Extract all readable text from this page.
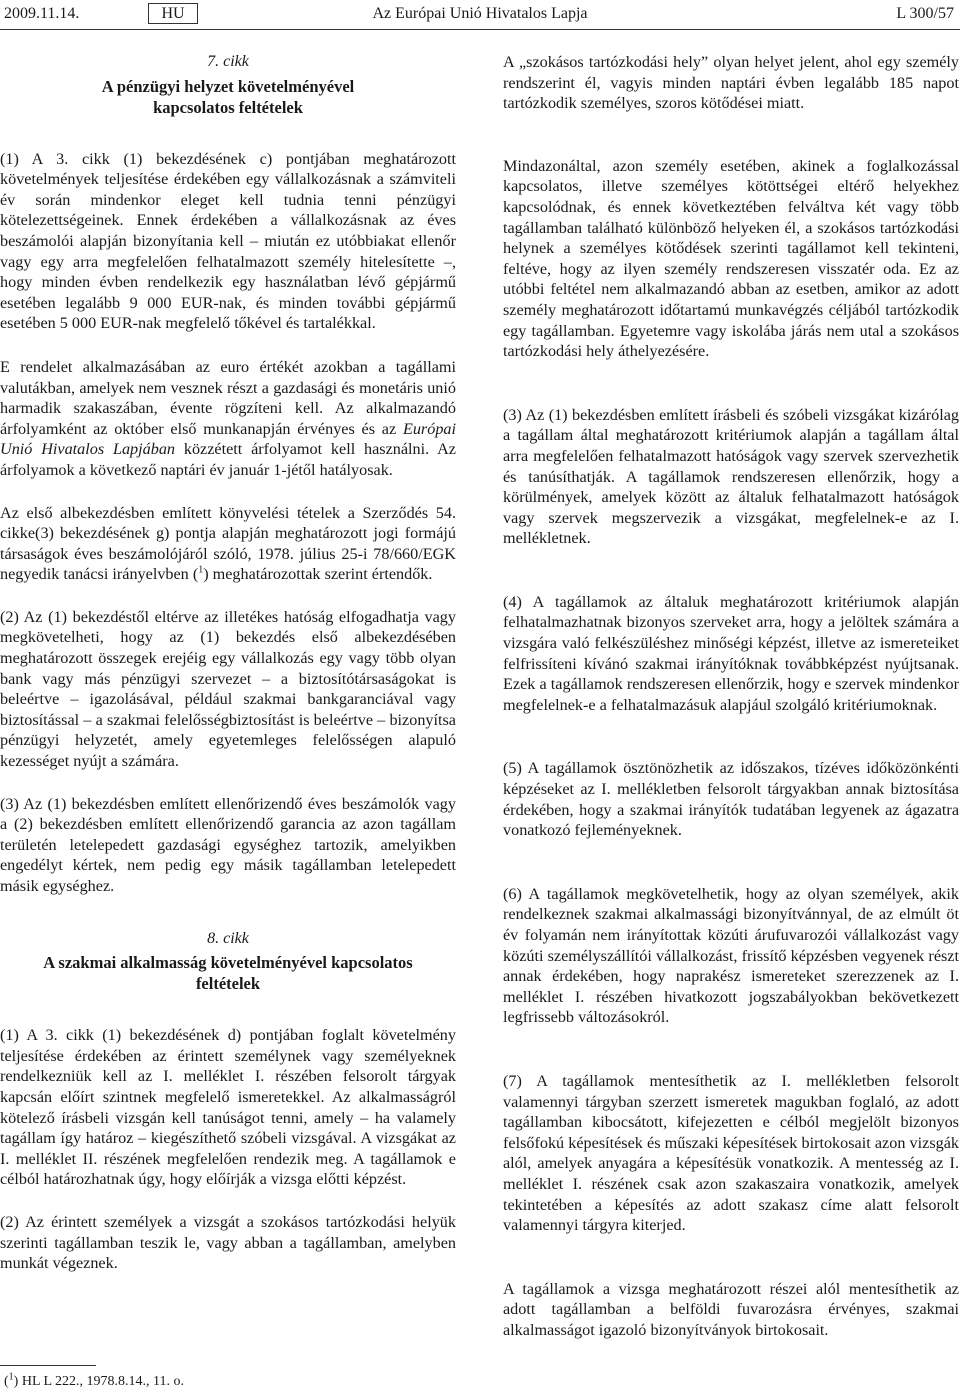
2009.11.14.	HU	Az Európai Unió Hivatalos Lapja	L 300/57

7. cikk

A pénzügyi helyzet követelményével kapcsolatos feltételek

(1) A 3. cikk (1) bekezdésének c) pontjában meghatározott követelmények teljesítése érdekében egy vállalkozásnak a számviteli év során mindenkor eleget kell tudnia tenni pénzügyi kötelezettségeinek. Ennek érdekében a vállalkozásnak az éves beszámolói alapján bizonyítania kell – miután ez utóbbiakat ellenőr vagy egy arra megfelelően felhatalmazott személy hitelesítette –, hogy minden évben rendelkezik egy használatban lévő gépjármű esetében legalább 9 000 EUR-nak, és minden további gépjármű esetében 5 000 EUR-nak megfelelő tőkével és tartalékkal.

E rendelet alkalmazásában az euro értékét azokban a tagállami valutákban, amelyek nem vesznek részt a gazdasági és monetáris unió harmadik szakaszában, évente rögzíteni kell. Az alkalmazandó árfolyamként az október első munkanapján érvényes és az Európai Unió Hivatalos Lapjában közzétett árfolyamot kell használni. Az árfolyamok a következő naptári év január 1-jétől hatályosak.

Az első albekezdésben említett könyvelési tételek a Szerződés 54. cikke(3) bekezdésének g) pontja alapján meghatározott jogi formájú társaságok éves beszámolójáról szóló, 1978. július 25-i 78/660/EGK negyedik tanácsi irányelvben ($^1$) meghatározottak szerint értendők.

(2) Az (1) bekezdéstől eltérve az illetékes hatóság elfogadhatja vagy megkövetelheti, hogy az (1) bekezdés első albekezdésében meghatározott összegek erejéig egy vállalkozás egy vagy több olyan bank vagy más pénzügyi szervezet – a biztosítótársaságokat is beleértve – igazolásával, például szakmai bankgaranciával vagy biztosítással – a szakmai felelősségbiztosítást is beleértve – bizonyítsa pénzügyi helyzetét, amely egyetemleges felelősségen alapuló kezességet nyújt a számára.

(3) Az (1) bekezdésben említett ellenőrizendő éves beszámolók vagy a (2) bekezdésben említett ellenőrizendő garancia az azon tagállam területén letelepedett gazdasági egységhez tartozik, amelyikben engedélyt kértek, nem pedig egy másik tagállamban letelepedett másik egységhez.

8. cikk

A szakmai alkalmasság követelményével kapcsolatos feltételek

(1) A 3. cikk (1) bekezdésének d) pontjában foglalt követelmény teljesítése érdekében az érintett személynek vagy személyeknek rendelkezniük kell az I. melléklet I. részében felsorolt tárgyak kapcsán előírt szintnek megfelelő ismeretekkel. Az alkalmasságról kötelező írásbeli vizsgán kell tanúságot tenni, amely – ha valamely tagállam így határoz – kiegészíthető szóbeli vizsgával. A vizsgákat az I. melléklet II. részének megfelelően rendezik meg. A tagállamok e célból határozhatnak úgy, hogy előírják a vizsga előtti képzést.

(2) Az érintett személyek a vizsgát a szokásos tartózkodási helyük szerinti tagállamban teszik le, vagy abban a tagállamban, amelyben munkát végeznek.

A „szokásos tartózkodási hely” olyan helyet jelent, ahol egy személy rendszerint él, vagyis minden naptári évben legalább 185 napot tartózkodik személyes, szoros kötődései miatt.

Mindazonáltal, azon személy esetében, akinek a foglalkozással kapcsolatos, illetve személyes kötöttségei eltérő helyekhez kapcsolódnak, és ennek következtében felváltva két vagy több tagállamban található különböző helyeken él, a szokásos tartózkodási helynek a személyes kötődések szerinti tagállamot kell tekinteni, feltéve, hogy az ilyen személy rendszeresen visszatér oda. Ez az utóbbi feltétel nem alkalmazandó abban az esetben, amikor az adott személy meghatározott időtartamú munkavégzés céljából tartózkodik egy tagállamban. Egyetemre vagy iskolába járás nem utal a szokásos tartózkodási hely áthelyezésére.

(3) Az (1) bekezdésben említett írásbeli és szóbeli vizsgákat kizárólag a tagállam által meghatározott kritériumok alapján a tagállam által arra megfelelően felhatalmazott hatóságok vagy szervek szervezhetik és tanúsíthatják. A tagállamok rendszeresen ellenőrzik, hogy a körülmények, amelyek között az általuk felhatalmazott hatóságok vagy szervek megszervezik a vizsgákat, megfelelnek-e az I. mellékletnek.

(4) A tagállamok az általuk meghatározott kritériumok alapján felhatalmazhatnak bizonyos szerveket arra, hogy a jelöltek számára a vizsgára való felkészüléshez minőségi képzést, illetve az ismereteiket felfrissíteni kívánó szakmai irányítóknak továbbképzést nyújtsanak. Ezek a tagállamok rendszeresen ellenőrzik, hogy e szervek mindenkor megfelelnek-e a felhatalmazásuk alapjául szolgáló kritériumoknak.

(5) A tagállamok ösztönözhetik az időszakos, tízéves időközönkénti képzéseket az I. mellékletben felsorolt tárgyakban annak biztosítása érdekében, hogy a szakmai irányítók tudatában legyenek az ágazatra vonatkozó fejleményeknek.

(6) A tagállamok megkövetelhetik, hogy az olyan személyek, akik rendelkeznek szakmai alkalmassági bizonyítvánnyal, de az elmúlt öt év folyamán nem irányítottak közúti árufuvarozói vállalkozást vagy közúti személyszállítói vállalkozást, frissítő képzésben vegyenek részt annak érdekében, hogy naprakész ismereteket szerezzenek az I. melléklet I. részében hivatkozott jogszabályokban bekövetkezett legfrissebb változásokról.

(7) A tagállamok mentesíthetik az I. mellékletben felsorolt valamennyi tárgyban szerzett ismeretek magukban foglaló, az adott tagállamban kibocsátott, kifejezetten e célból megjelölt bizonyos felsőfokú képesítések és műszaki képesítések birtokosait azon vizsgák alól, amelyek anyagára a képesítésük vonatkozik. A mentesség az I. melléklet I. részének csak azon szakaszaira vonatkozik, amelyek tekintetében a képesítés az adott szakasz címe alatt felsorolt valamennyi tárgyra kiterjed.

A tagállamok a vizsga meghatározott részei alól mentesíthetik az adott tagállamban a belföldi fuvarozásra érvényes, szakmai alkalmasságot igazoló bizonyítványok birtokosait.

($^1$) HL L 222., 1978.8.14., 11. o.
